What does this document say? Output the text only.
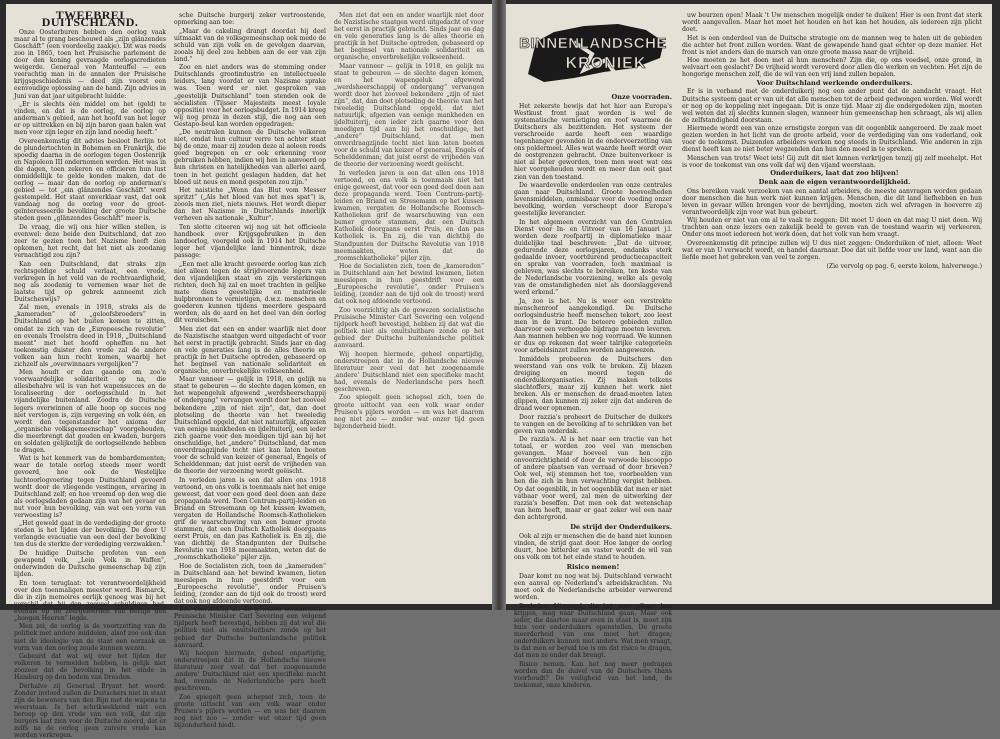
TWEEBREI DUITSCHLAND.

Onze Oosterburen hebben den oorlog vaak maar al te grang beschouwd als „zijn glänzendes Geschäft“ (een voordeelig zaakje). Dit was reeds zoo in 1865, toen het Pruisische parlement de door den koning gevraagde oorlogscredieten weigerde. Generaal von Manteuffel — een veerachtig man in de annalen der Pruisische krijgsgeschiedenis — deed zijn voorst een eenvoudige oplossing aan de hand. Zijn advies in Juni van dat jaar uitgebracht luidde:

„Er is slechts één middel om het (geld) te vinden, en dat is de oorlog, de oorlog op anderman's gebied, aan het hoofd van het leger er op uittrekken en bij zijn baron gaan halen wat men voor zijn leger en zijn land noodig heeft.“

Overeenkomstig dit advies besloot Berlijn tot de plundertochten in Bohemen en Frankrijk, die spoedig daarna in de oorlogen tegen Oostenrijk en Napoleon III ondernomen werden. Het was in die dagen, toen zekeren en officieren hun lust onmiddellijk te gelde konden maken, dat de oorlog — maar dan de oorlog op anderman's gebied — tot „ein glänzendes Geschäft“ werd gestempeld. Het staat onverklaar vast, dat ook vandaag nog de oorlog voor de groot-geïnteresseerde bevolking der groote Duitsche steden geen „glänzendes Geschäft“ meer is.

De vraag, die wij ons hier willen stellen, is evenwel: deze beide den Duitschland, dat zoo zeer te gezien toen het Nazisme heeft zien opkomen, het recht, dat het niet als zoodanig vernachtigd zou zijn?

Kan een Duitschland, dat straks zijn rechtsgeldige schuld verlaat, een vrede, verkregen in het veld van de rechtvaardigheid, nog als zoodanig te vernemen waar het de laatste tijd op gebrek aanneemt zich Duitscheswijs?

Zal men, evenals in 1918, straks als de „kameraden“ of „geloofsbroeders“ in Duitschland op het buiten komen te zitten, omdat ze zich van de „Europeesche revolutie“ en evenals Troelstra deed in 1918, „Duitschland meent“ met het hoofd opheffen nu het toekomstig duister den vrede zal de andere volken aan hun recht komen, waarbij het zichzelf als „overwinnaars vergelijken“?

Men houdt er dan gaande om zoo'n voorwaardelijke solidariteit op na, die allesbehalve wil is van het wapensucces en de localiseering der oorlogsschuld in het vijandelijke buitenland. Zoodra de Duitsche legers overwinnen of alle hoop op succes nog niet vervlogen is, zijn vergeving en volk één, en wordt den tegenstander het axioma der „organische volksgemeenschap“ voorgehouden, die meerbrengt dat gouden en kwaden, burgers en soldaten gelijkelijk de oorlogsellende hebben te dragen.

Wat is het kenmerk van de bombardementen; waar de totale oorlog steeds meer wordt gevoerd, hoe ook de Westelijke luchtoorlogvoering tegen Duitschland gevoerd wordt door de vliegende vestingen, ervaring in Duitschland zelf; en hoe vreemd op den weg die als oorlogsdaden gedaan zijn van het gevaar en nut voor hun bevolking, van wat een vorm van verwoesting is?

„Het geweld gaat in de verdediging der groote steden is het lijden der bevolking. De door U verlangde evacuatie van een deel der bevolking ten dus de sterkte der verdediging verzwakken.“

De huidige Duitsche profeten van een gewapend volk, „Lein Volk in Waffen“, onderwinden de Duitsche gemeenschap bij zijn lijden.

En toen teruglaat: tot verantwoordelijkheid over den toenmaligen meester werd. Bismarck, die in zijn memoires eerlijk genoeg was bij het verschil dat hij den zooveel schuldigen had, evenals op de zeergeleerden van Berlijn den „hoogen Heeren“ legde.

Men zei, de oorlog is de voortzetting van de politiek met andere middelen, alsof zoo ook dan niet de ideologie van de staat een oorzaak en vorm van den oorlog zoude kunnen wezen.

Gebeurd dat wat wij over het lijden der volkeren te vermelden hebben, is gelijk niet zoozeer dat de bevolking in het einde in Hamburg op den bodem van Dresden.

Derhalve zij Generaal Bryant het woord: Zonder invloed zullen de Duitschers niet in staat zijn de bewoners van den Rijn met de wapens te weerstaan. Is het schrikwekkend niet een beroep op den vrede van een volk, dat zijn burgers laat zien voor de Duitsche moord, dat er zelfs na de oorlog geen zuivere vrede kan worden verkregen.

sche Duitsche burgerij zeker vertroostende, opmerking aan toe:

„Maar de cakeling drangt doordat hij deel uitmaakt van de volksgemeenschap ook mede de schuld van zijn volk en de gevolgen daarvan, zooals hij deel zou hebben aan de eer van zijn land.“

Zoo en niet anders was de stemming onder Duitschlands grootindustrie en intellectueele leiders, lang voordat er van Nazisme sprake was. Toen werd er niet gesproken van „geestelijk Duitschland“ toen stenden ook de socialisten (Tijsser Majesteits meest loyale oppositie) voor het oorlogsbudget. In 1914 kreeg wij nog proza in dezen stijl, die nog aan een Gestapo-beul kan worden opgedragen:

„De neutralen kunnen de Duitsche volkeren niet, omdat hun cultuur verre ten achter staat bij de onze, maar zij zouden deze al aoleen reeds goed begrepen en er ook erkenning voor gebruiken hebben, indien wij hen in aanvoerd op hun christen en hatelijkheden van allerlei aard, toen in het gezicht geslagen hadden, dat het bloed uit neus en mond gespoten zou zijn.“

Het naistiche „Wenn das Blut vom Messer spritzt“ („Als het bloed van het mes spat“) is, zoools men ziet, niets nieuws. Het wordt dieper dan het Nazisme in Duitschlands innerlijk verheven als nationale „Kultur“.

Ten slotte citeeren wij nog uit het officieele handboek over Krijgsgebruiken in den landoorlog, voorgeld ook in 1914 het Duitsche leger het vijandelijke land binnentrok, deze passage:

„Een met alle kracht gevoerde oorlog kan zich niet alleen tegen de strijdvoerende legers van den vijandelijken staat en zijn versterkingen richten, doch hij zal en moet trachten in gelijke mate diens geestelijke en materieele hulpbronnen te vernietigen, d.w.z. menschen en goederen kunnen tijdens meerdere gespaard worden, als de aard en het doel van den oorlog dit vereischen.“

Men ziet dat een en ander waarlijk niet door de Nazistische staatgen werd uitgedacht of voor het eerst in practijk gebracht. Sinds jaar en dag en vele generaties lang is de alles theorie en practijk in het Duitsche optreden, gebaseerd op het beginsel van nationale solidariteit en organische, onverbrekelijke volkseenheid.

Maar vanneer — gelijk in 1918, en gelijk nu staat te gebeuren — de slechte dagen komen, en het wapengeluk afgewend „werdsheerschappij of ondergang“ vervangen wordt door het zooveel bekendere „zijn of niet zijn“, dat, dan doet plotseling de theorie van het tweeledig Duitschland opgeld, dat niet natuurlijk, afgezien van eenige mankheden en ijdeltuiterij, een ieder zich gaarne voor den moedigen tijd aan bij het onschuldige, het „andere“ Duitschland, dat men onverdraagzijnde tocht niet kan laten boeten voor de schuld van keizer of generaal, Engels of Schelddenman; dat juist eerst de vrijheden van de theorie der verzoening wordt geëischt.

In verleden jaren is een dat allen ons 1918 vertoond, en ons volk is toenmaals niet het enige geweest, dat voor een goed deel doen aan deze propaganda werd. Toen Centrum-partij-leiden en Briand en Stresemann op het kussen kwamen, vergaten de Hollandsche Roomsch-Katholieken grif de waarschuwing van een bumer groote stammen, dat een Duitsch Katholiek doorgaans eerst Pruis, en dan pas Katholiek is. En zij, die van dichtbij de Standpunten der Duitsche Revolutie van 1918 meemaakten, weten dat de „roomschkatholieke“ pijler zijn.

Hoe de Socialisten zich, toen de „kameraden“ in Duitschland aan het bewind kwamen, lieten meeslepen in hun geestdrift voor een „Europeesche revolutie“, onder Pruisen's leiding, (zonder aan de tijd ook de troost) werd dat ook nog afdoende vertoond.

Zoo voorzichtig als de gewezen socialistische Pruisische Minister Carl Severing een volgend tijdperk heeft bevestigd, hebben zij dat wat die politiek niet als onuitsluitbare zonde op het gebied der Duitsche buitenlandsche politiek aanvaard.

Wij hoopen hiermede, geheel onpartijdig, onderstreepen dat in de Hollandsche nieuwe literatuur zeer veel dat het zoogenaamde ,andere' Duitschland niet een specifieke macht had, evenals de Nederlandsche pers heeft geschreven.

Zoo spiegelt geen schepsel zich, toen de groote uittocht van een volk waar onder Pruisen's pijlers worden — en was het daarom nog niet zoo — zonder wat onzer tijd geen bijzonderheid biedt.

Men ziet dat een en ander waarlijk niet door de Nazistische staatgen werd uitgedacht of voor het eerst in practijk gebracht. Sinds jaar en dag en vele generaties lang is de alles theorie en practijk in het Duitsche optreden, gebaseerd op het beginsel van nationale solidariteit en organische, onverbrekelijke volkseenheid.

Maar vanneer — gelijk in 1918, en gelijk nu staat te gebeuren — de slechte dagen komen, en het wapengeluk afgewend „werdsheerschappij of ondergang“ vervangen wordt door het zooveel bekendere „zijn of niet zijn“, dat, dan doet plotseling de theorie van het tweeledig Duitschland opgeld, dat niet natuurlijk, afgezien van eenige mankheden en ijdeltuiterij, een ieder zich gaarne voor den moedigen tijd aan bij het onschuldige, het „andere“ Duitschland, dat men onverdraagzijnde tocht niet kan laten boeten voor de schuld van keizer of generaal, Engels of Schelddenman; dat juist eerst de vrijheden van de theorie der verzoening wordt geëischt.

In verleden jaren is een dat allen ons 1918 vertoond, en ons volk is toenmaals niet het enige geweest, dat voor een goed deel doen aan deze propaganda werd. Toen Centrum-partij-leiden en Briand en Stresemann op het kussen kwamen, vergaten de Hollandsche Roomsch-Katholieken grif de waarschuwing van een bumer groote stammen, dat een Duitsch Katholiek doorgaans eerst Pruis, en dan pas Katholiek is. En zij, die van dichtbij de Standpunten der Duitsche Revolutie van 1918 meemaakten, weten dat de „roomschkatholieke“ pijler zijn.

Hoe de Socialisten zich, toen de „kameraden“ in Duitschland aan het bewind kwamen, lieten meeslepen in hun geestdrift voor een „Europeesche revolutie“, onder Pruisen's leiding, (zonder aan de tijd ook de troost) werd dat ook nog afdoende vertoond.

Zoo voorzichtig als de gewezen socialistische Pruisische Minister Carl Severing een volgend tijdperk heeft bevestigd, hebben zij dat wat die politiek niet als onuitsluitbare zonde op het gebied der Duitsche buitenlandsche politiek aanvaard.

Wij hoopen hiermede, geheel onpartijdig, onderstreepen dat in de Hollandsche nieuwe literatuur zeer veel dat het zoogenaamde ,andere' Duitschland niet een specifieke macht had, evenals de Nederlandsche pers heeft geschreven.

Zoo spiegelt geen schepsel zich, toen de groote uittocht van een volk waar onder Pruisen's pijlers worden — en was het daarom nog niet zoo — zonder wat onzer tijd geen bijzonderheid biedt.

BINNENLANDSCHE
KRONIEK
Onze voorraden.

Het zekerste bewijs dat het hier aan Europa's Westkust front gaat worden is wel de systematische vernietiging en roof waarmee de Duitschers als bezittenden. Het systeem der verschroeide aarde heeft een waardige tegenhanger gevonden in de ondervoerzetting van ons poldermeel. Alles wat waarde heeft wordt over de oostgrenzen gebracht. Onze buitenverkeer is niet al beter geworden, toen men weet wat ons hier voorgehouden wordt en meer dan ooit gaat zien van den toestand.

De waardevolle onderdeelen van onze centrales gaan naar Duitschland. Groote hoeveelheden levensmiddelen, onmisbaar voor de voeding onzer bevolking, worden verscheept door Europa's geestelijke leverancier.

In het algemeen overzicht van den Centralen Dienst voor In- en Uitvoer van 16 Januari j.l. worden deze roofpartij in diplomatieke maar duidelijke taal beschreven: „Dat de uitvoer, gedurende deze oorlogsjaren, ondanks sterk gedaalde invoer, voortdurend productiecapaciteit en sprake van voorraden, toch maximaal is gebleven, was slechts te bereiken, ten koste van de Nederlandsche voorziening, welke als gevolg van de omstandigheden niet als doorslaggevend werd erkend.“

Ja, zoo is het. Nu is weer een verstrekte menschenroof aangekondigd. De Duitsche oorlogsindustrie heeft menschen tekort, zoo leest men in de krant. De beteere gebieden zullen daarvoor een verhoogde bijdrage moeten leveren. Aan mannen hebben we nog voorraad. We kunnen er dus op rekenen dat weer talrijke categorieën voor arbeidsinzet zullen worden aangewezen.

Inmiddels probeeren de Duitschers den weerstand van ons volk te breken. Zij blazen dreiging en moord tegen de onderduikorganisaties. Zij maken telkens slachtoffers, maar zij kunnen het werk niet breken. Als er menschen de draad-moeten laten glippen, dan kunnen zij zeker zijn dat anderen de draad weer opnemen.

Door razzia's probeert de Duitscher de duikers te vangen en de bevolking af te schrikken van het geven van onderdak.

De razzia's. Al is het naar een tractie van het totaal, er worden zoo veel van menschen gevangen. Maar hoeveel van hen zijn onvoorzichtigheid of door de verwoede biscooppo of andere plaatsen van verraad of door brieven? Ook wel, wij stemmen het toe, voorbeelden van hen die zich in hun verwachting vergist hebben. Op dat oogenblik, in het oogenblik dat men er niet vatbaar voor werd, zal men de uitwerking der razzia's beseffen. Dat men ook dat wetenschap van hem heeft, maar er gaat zeker wel een naar den achtergrond.

De strijd der Onderduikers.

Ook al zijn er menschen die de hand niet kunnen vinden, de strijd gaat door. Hoe langer de oorlog duurt, hoe bitterder en vaster wordt de wil van ons volk om tot het einde stand te houden.

Risico nemen!

Daar komt nu nog wat bij. Duitschland verwacht een aanval op Nederland's arbeidskrachten. Nu moet ook de Nederlandsche arbeider verwerend worden.

Derhalve: Niemand, die het voor elkaar kan krijgen, mag naar Duitschland gaan. Maar ook ieder, die daartoe maar even in staat is, moet zijn huis voor onderduikers openstellen. De groote meerderheid van ons moet het dragen; onderduikers kunnen niet anders. Wat men vraagt, is dat men er bereid toe is om dat risico te dragen, dat men ze onder dak brengt.

Risico nemen. Kan het nog meer gedragen worden dan de duivel van de Duitschers thans voorhoudt? De veiligheid van het land, de toekomst, onze kinderen.

uw beurzen open! Maak 't Uw menschen mogelijk onder te duiken! Hier is een front dat sterk wordt aangevallen. Maar het moet het houden en het kan het houden, als iedereen zijn plicht doet.

Het is een onderdeel van de Duitsche strategie om de mannen weg te halen uit de gebieden die achter het front zullen worden. Want de gewapende hand gaat echter op deze manier. Het front is niet anders dan de marsch van onze groote massa naar de vrijheid.

Hoe moeten ze het doen met al hun menschen? Zijn die, op ons voedsel, onze grond, in welvaart een geslacht? De vrijheid wordt veroverd door allen die werken en vechten. Het zijn de hongerige menschen zelf, die de wil van een vrij land zullen bepalen.

Voor Duitschland werkende onderduikers.

Er is in verband met de onderduikerij nog een ander punt dat de aandacht vraagt. Het Duitsche systeem gaat er van uit dat alle menschen tot de arbeid gedwongen worden. Wel wordt er nog op de koppeling niet ingegaan. Dit is onze tijd. Maar zij die ondergedoken zijn, moeten wel weten dat zij slechts kunnen slagen, wanneer hun gemeenschap hen schraagt, als wij allen de zelfstandigheid doorstaan.

Hiermede wordt een van onze ernstigste zorgen van dit oogenblik aangeroerd. De zaak moet gezien worden in het licht van de groote arbeid, voor de verdediging van ons vaderland, ook voor de toekomst. Duizenden arbeiders werken nog steeds in Duitschland. Wie anderen in zijn dienst heeft kan ze niet beter wegzenden dan hun den moed in te spreken.

Menschen van trots! Weet iets! Gij zult dit niet kunnen verkrijgen tenzij gij zelf meehelpt. Het is voor de toekomst van ons volk dat wij den vijand weerstaan.

Onderduikers, laat dat zoo blijven!

Denk aan de eigen verantwoordelijkheid.

Ons bereiken vaak verzoeken van een aantal arbeiders, de meeste aanvragen worden gedaan door menschen die hun werk niet kunnen krijgen. Menschen, die dit land liefhebben en hun leven in gevaar willen brengen voor de bevrijding, moeten zich wel afvragen in hoeverre zij verantwoordelijk zijn voor wat hun gebeurt.

Wij houden er niet van om al te vaak te zeggen: Dit moet U doen en dat mag U niet doen. Wij trachten aan onze lezers een zakelijk beeld te geven van de toestand waarin wij verkeeren. Onder ons moet iedereen het werk doen, dat het volk van hem vraagt.

Overeenkomstig dit principe zullen wij U dus niet zeggen: Onderduiken of niet, alleen: Weet wat er van U verwacht wordt, en handel daarnaar. Doe dat uit liefde voor uw land, want aan die liefde moet het gebreken van veel te zorgen.

(Zie vervolg op pag. 6, eerste kolom, halverwege.)
